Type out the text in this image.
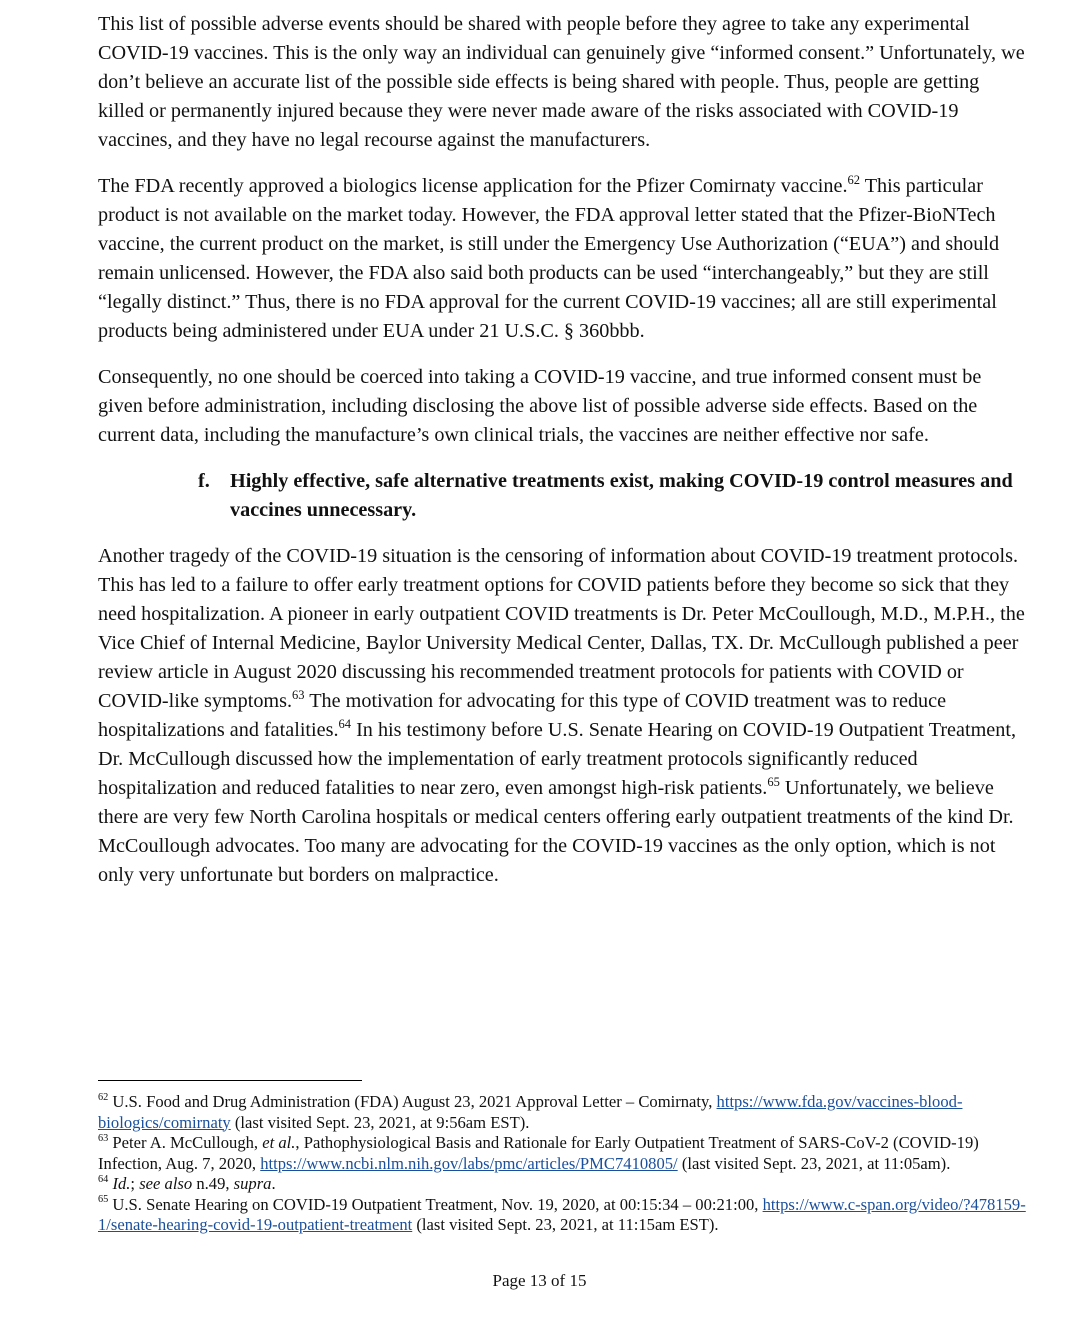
This list of possible adverse events should be shared with people before they agree to take any experimental COVID-19 vaccines. This is the only way an individual can genuinely give “informed consent.” Unfortunately, we don’t believe an accurate list of the possible side effects is being shared with people. Thus, people are getting killed or permanently injured because they were never made aware of the risks associated with COVID-19 vaccines, and they have no legal recourse against the manufacturers.

The FDA recently approved a biologics license application for the Pfizer Comirnaty vaccine.$^{62}$ This particular product is not available on the market today. However, the FDA approval letter stated that the Pfizer-BioNTech vaccine, the current product on the market, is still under the Emergency Use Authorization (“EUA”) and should remain unlicensed. However, the FDA also said both products can be used “interchangeably,” but they are still “legally distinct.” Thus, there is no FDA approval for the current COVID-19 vaccines; all are still experimental products being administered under EUA under 21 U.S.C. § 360bbb.

Consequently, no one should be coerced into taking a COVID-19 vaccine, and true informed consent must be given before administration, including disclosing the above list of possible adverse side effects. Based on the current data, including the manufacture’s own clinical trials, the vaccines are neither effective nor safe.

f.	Highly effective, safe alternative treatments exist, making COVID-19 control measures and vaccines unnecessary.

Another tragedy of the COVID-19 situation is the censoring of information about COVID-19 treatment protocols. This has led to a failure to offer early treatment options for COVID patients before they become so sick that they need hospitalization. A pioneer in early outpatient COVID treatments is Dr. Peter McCoullough, M.D., M.P.H., the Vice Chief of Internal Medicine, Baylor University Medical Center, Dallas, TX. Dr. McCullough published a peer review article in August 2020 discussing his recommended treatment protocols for patients with COVID or COVID-like symptoms.$^{63}$ The motivation for advocating for this type of COVID treatment was to reduce hospitalizations and fatalities.$^{64}$ In his testimony before U.S. Senate Hearing on COVID-19 Outpatient Treatment, Dr. McCullough discussed how the implementation of early treatment protocols significantly reduced hospitalization and reduced fatalities to near zero, even amongst high-risk patients.$^{65}$ Unfortunately, we believe there are very few North Carolina hospitals or medical centers offering early outpatient treatments of the kind Dr. McCoullough advocates. Too many are advocating for the COVID-19 vaccines as the only option, which is not only very unfortunate but borders on malpractice.

$^{62}$ U.S. Food and Drug Administration (FDA) August 23, 2021 Approval Letter – Comirnaty, https://www.fda.gov/vaccines-blood-biologics/comirnaty (last visited Sept. 23, 2021, at 9:56am EST).

$^{63}$ Peter A. McCullough, et al., Pathophysiological Basis and Rationale for Early Outpatient Treatment of SARS-CoV-2 (COVID-19) Infection, Aug. 7, 2020, https://www.ncbi.nlm.nih.gov/labs/pmc/articles/PMC7410805/ (last visited Sept. 23, 2021, at 11:05am).

$^{64}$ Id.; see also n.49, supra.

$^{65}$ U.S. Senate Hearing on COVID-19 Outpatient Treatment, Nov. 19, 2020, at 00:15:34 – 00:21:00, https://www.c-span.org/video/?478159-1/senate-hearing-covid-19-outpatient-treatment (last visited Sept. 23, 2021, at 11:15am EST).

Page 13 of 15
